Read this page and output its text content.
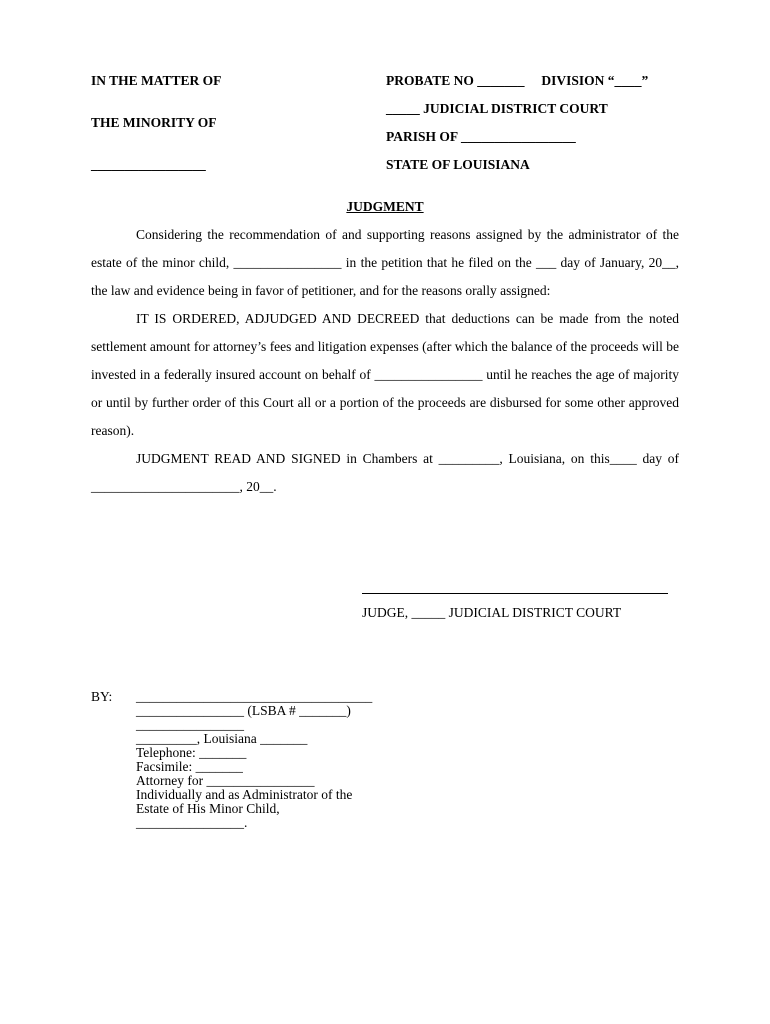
IN THE MATTER OF
THE MINORITY OF
_________________
PROBATE NO _______     DIVISION “____”
_____ JUDICIAL DISTRICT COURT
PARISH OF _________________
STATE OF LOUISIANA
JUDGMENT

Considering the recommendation of and supporting reasons assigned by the administrator of the estate of the minor child, ________________ in the petition that he filed on the ___ day of January, 20__, the law and evidence being in favor of petitioner, and for the reasons orally assigned:

IT IS ORDERED, ADJUDGED AND DECREED that deductions can be made from the noted settlement amount for attorney’s fees and litigation expenses (after which the balance of the proceeds will be invested in a federally insured account on behalf of ________________ until he reaches the age of majority or until by further order of this Court all or a portion of the proceeds are disbursed for some other approved reason).

JUDGMENT READ AND SIGNED in Chambers at _________, Louisiana, on this____ day of ______________________, 20__.

JUDGE, _____ JUDICIAL DISTRICT COURT
BY: ___________________________________
________________ (LSBA # _______)
________________
_________, Louisiana _______
Telephone: _______
Facsimile: _______
Attorney for ________________
Individually and as Administrator of the
Estate of His Minor Child,
________________.
